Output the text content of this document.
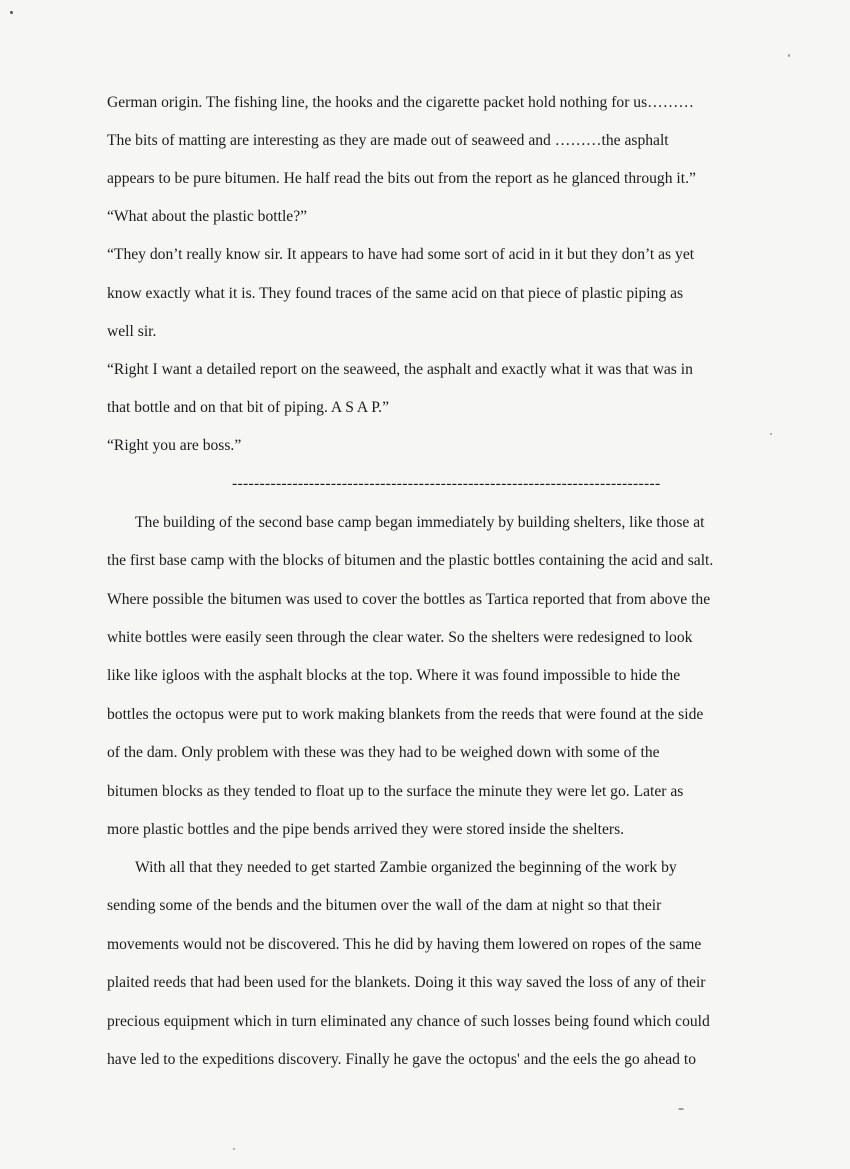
German origin. The fishing line, the hooks and the cigarette packet hold nothing for us………
The bits of matting are interesting as they are made out of seaweed and ………the asphalt
appears to be pure bitumen. He half read the bits out from the report as he glanced through it.”
“What about the plastic bottle?”
“They don’t really know sir. It appears to have had some sort of acid in it but they don’t as yet
know exactly what it is. They found traces of the same acid on that piece of plastic piping as
well sir.
“Right I want a detailed report on the seaweed, the asphalt and exactly what it was that was in
that bottle and on that bit of piping. A S A P.”
“Right you are boss.”
------------------------------------------------------------------------------
The building of the second base camp began immediately by building shelters, like those at
the first base camp with the blocks of bitumen and the plastic bottles containing the acid and salt.
Where possible the bitumen was used to cover the bottles as Tartica reported that from above the
white bottles were easily seen through the clear water. So the shelters were redesigned to look
like like igloos with the asphalt blocks at the top. Where it was found impossible to hide the
bottles the octopus were put to work making blankets from the reeds that were found at the side
of the dam. Only problem with these was they had to be weighed down with some of the
bitumen blocks as they tended to float up to the surface the minute they were let go. Later as
more plastic bottles and the pipe bends arrived they were stored inside the shelters.
With all that they needed to get started Zambie organized the beginning of the work by
sending some of the bends and the bitumen over the wall of the dam at night so that their
movements would not be discovered. This he did by having them lowered on ropes of the same
plaited reeds that had been used for the blankets. Doing it this way saved the loss of any of their
precious equipment which in turn eliminated any chance of such losses being found which could
have led to the expeditions discovery. Finally he gave the octopus' and the eels the go ahead to
